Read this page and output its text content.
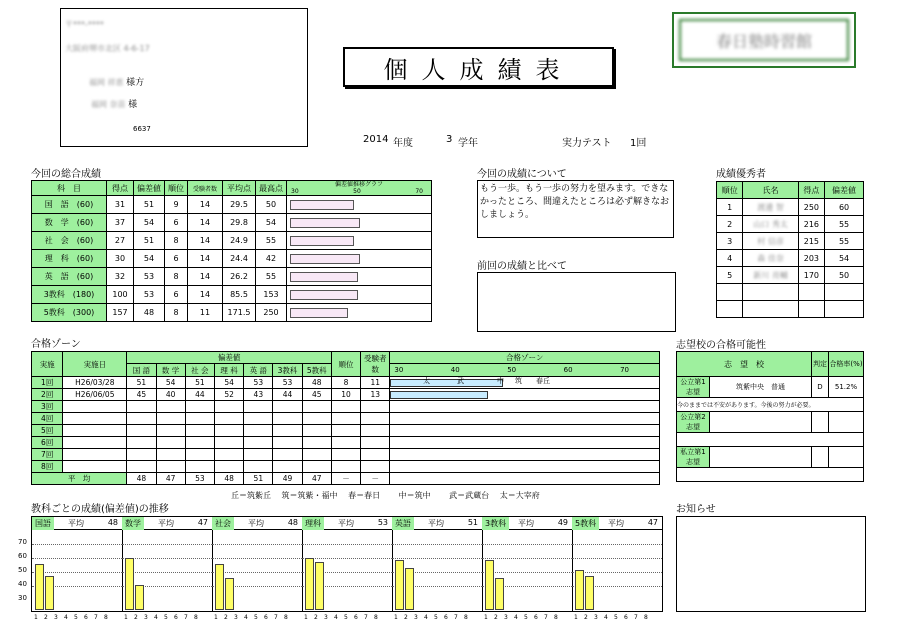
〒***-****
大阪府堺市北区 4-6-17
福岡 祥恵 様方
福岡 奈苗 様
6637
個人成績表
春日塾時習館
2014 年度	3 学年	実力テスト 1回
今回の総合成績
科　目	得点	偏差値	順位	受験者数	平均点	最高点	偏差値推移グラフ

30 50 70

国　語　(60)	31	51	9	14	29.5	50	
数　学　(60)	37	54	6	14	29.8	54	
社　会　(60)	27	51	8	14	24.9	55	
理　科　(60)	30	54	6	14	24.4	42	
英　語　(60)	32	53	8	14	26.2	55	
3教科　(180)	100	53	6	14	85.5	153	
5教科　(300)	157	48	8	11	171.5	250	
今回の成績について
もう一歩。もう一歩の努力を望みます。できなかったところ、間違えたところは必ず解きなおしましょう。
前回の成績と比べて
成績優秀者
順位	氏名	得点	偏差値
1	渡邊 智	250	60
2	山口 秀太	216	55
3	村 信彦	215	55
4	森 佳奈	203	54
5	新川 亮輔	170	50

合格ゾーン
実施	実施日	偏差値							順位	受験者数	合格ゾーン
		国 語	数 学	社 会	理 科	英 語	3教科	5教科			30 40 50 60 70

1回	H26/03/28	51	54	51	54	53	53	48	8	11	
2回	H26/06/05	45	40	44	52	43	44	45	10	13	
3回											
4回											
5回											
6回											
7回											
8回											
平　均		48	47	53	48	51	49	47	－	－	
丘＝筑紫丘　 筑＝筑紫・福中　 春＝春日　　 中＝筑中　　 武＝武蔵台　 太＝大宰府
志望校の合格可能性
志　望　校		判定	合格率(%)
公立第1志望	筑紫中央　 普通	D	51.2%
今のままでは不安があります。今後の努力が必要。			
公立第2志望	　		

私立第1志望	　		

教科ごとの成績(偏差値)の推移
国語	平均	48 数学	平均	47 社会	平均	48 理科	平均	53 英語	平均	51 3教科	平均	49 5教科	平均	47
お知らせ
太	武	中 筑 春丘
1 2 3 4 5 6 7 8	1 2 3 4 5 6 7 8	1 2 3 4 5 6 7 8	1 2 3 4 5 6 7 8	1 2 3 4 5 6 7 8	1 2 3 4 5 6 7 8	1 2 3 4 5 6 7 8
70
60
50
40
30
